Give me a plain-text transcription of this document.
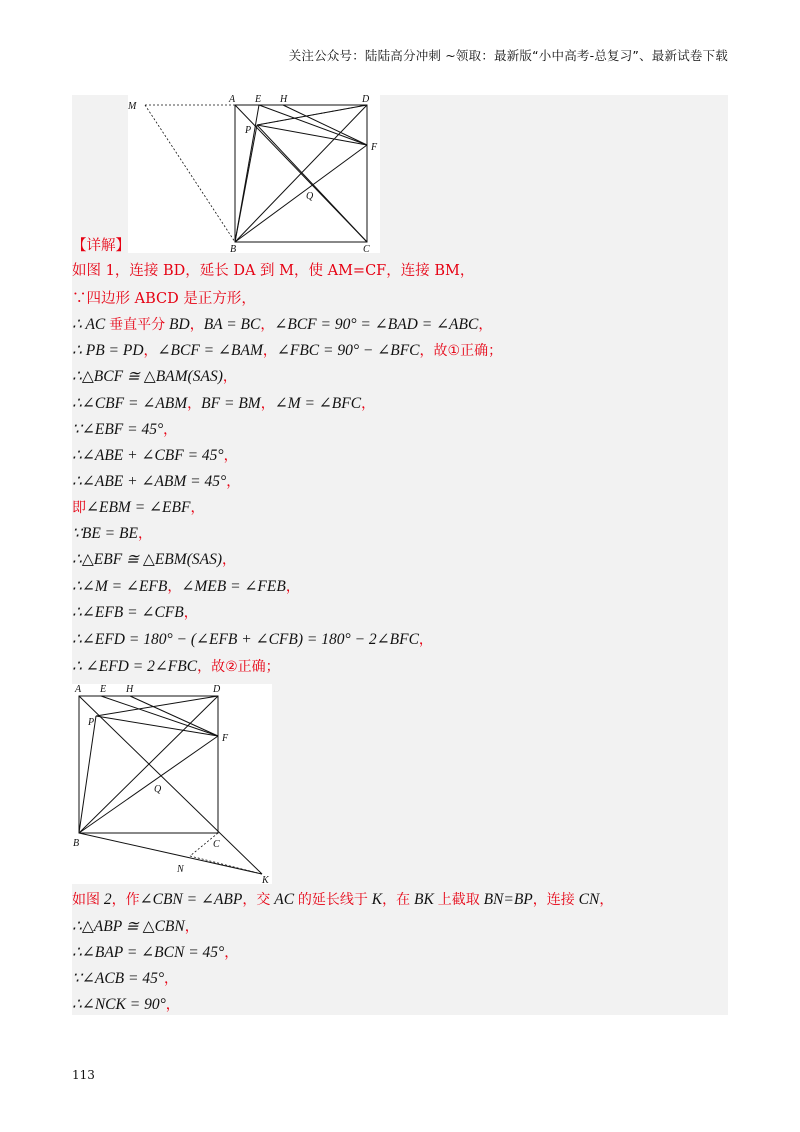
关注公众号：陆陆高分冲刺 ~领取：最新版“小中高考-总复习”、最新试卷下载
M
A E H	D
P
F
Q
B	C
A E H	D
P
F
Q
B	C
N
K
【详解】
如图 1，连接 BD，延长 DA 到 M，使 AM=CF，连接 BM，
∵四边形 ABCD 是正方形，
∴ AC 垂直平分 BD，BA = BC，∠BCF = 90° = ∠BAD = ∠ABC，
∴ PB = PD，∠BCF = ∠BAM，∠FBC = 90° − ∠BFC，故①正确；
∴△BCF ≅ △BAM(SAS)，
∴∠CBF = ∠ABM，BF = BM，∠M = ∠BFC，
∵∠EBF = 45°，
∴∠ABE + ∠CBF = 45°，
∴∠ABE + ∠ABM = 45°，
即∠EBM = ∠EBF，
∵BE = BE，
∴△EBF ≅ △EBM(SAS)，
∴∠M = ∠EFB，∠MEB = ∠FEB，
∴∠EFB = ∠CFB，
∴∠EFD = 180° − (∠EFB + ∠CFB) = 180° − 2∠BFC，
∴ ∠EFD = 2∠FBC，故②正确；
如图 2，作∠CBN = ∠ABP，交 AC 的延长线于 K，在 BK 上截取 BN=BP，连接 CN，
∴△ABP ≅ △CBN，
∴∠BAP = ∠BCN = 45°，
∵∠ACB = 45°，
∴∠NCK = 90°，
113
